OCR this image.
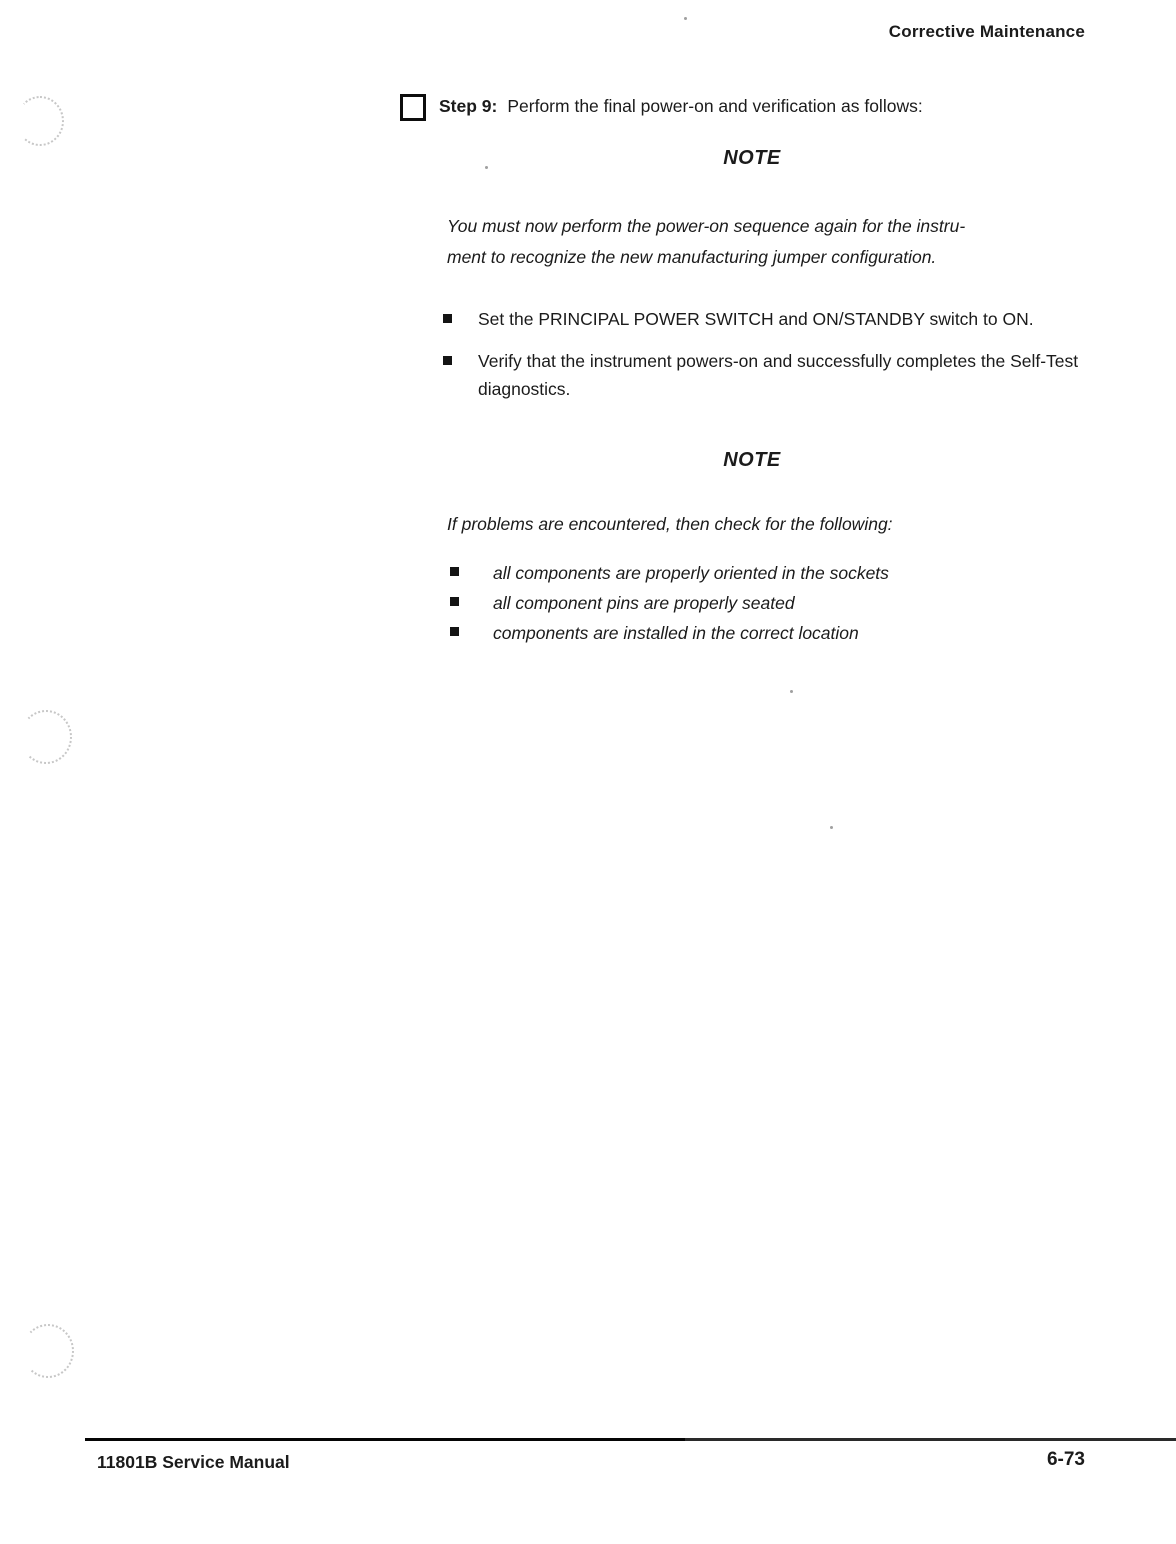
Corrective Maintenance
Step 9: Perform the final power-on and verification as follows:
NOTE
You must now perform the power-on sequence again for the instru-
ment to recognize the new manufacturing jumper configuration.
Set the PRINCIPAL POWER SWITCH and ON/STANDBY switch to ON.
Verify that the instrument powers-on and successfully completes the Self-Test diagnostics.
NOTE
If problems are encountered, then check for the following:
all components are properly oriented in the sockets
all component pins are properly seated
components are installed in the correct location
11801B Service Manual	6-73
